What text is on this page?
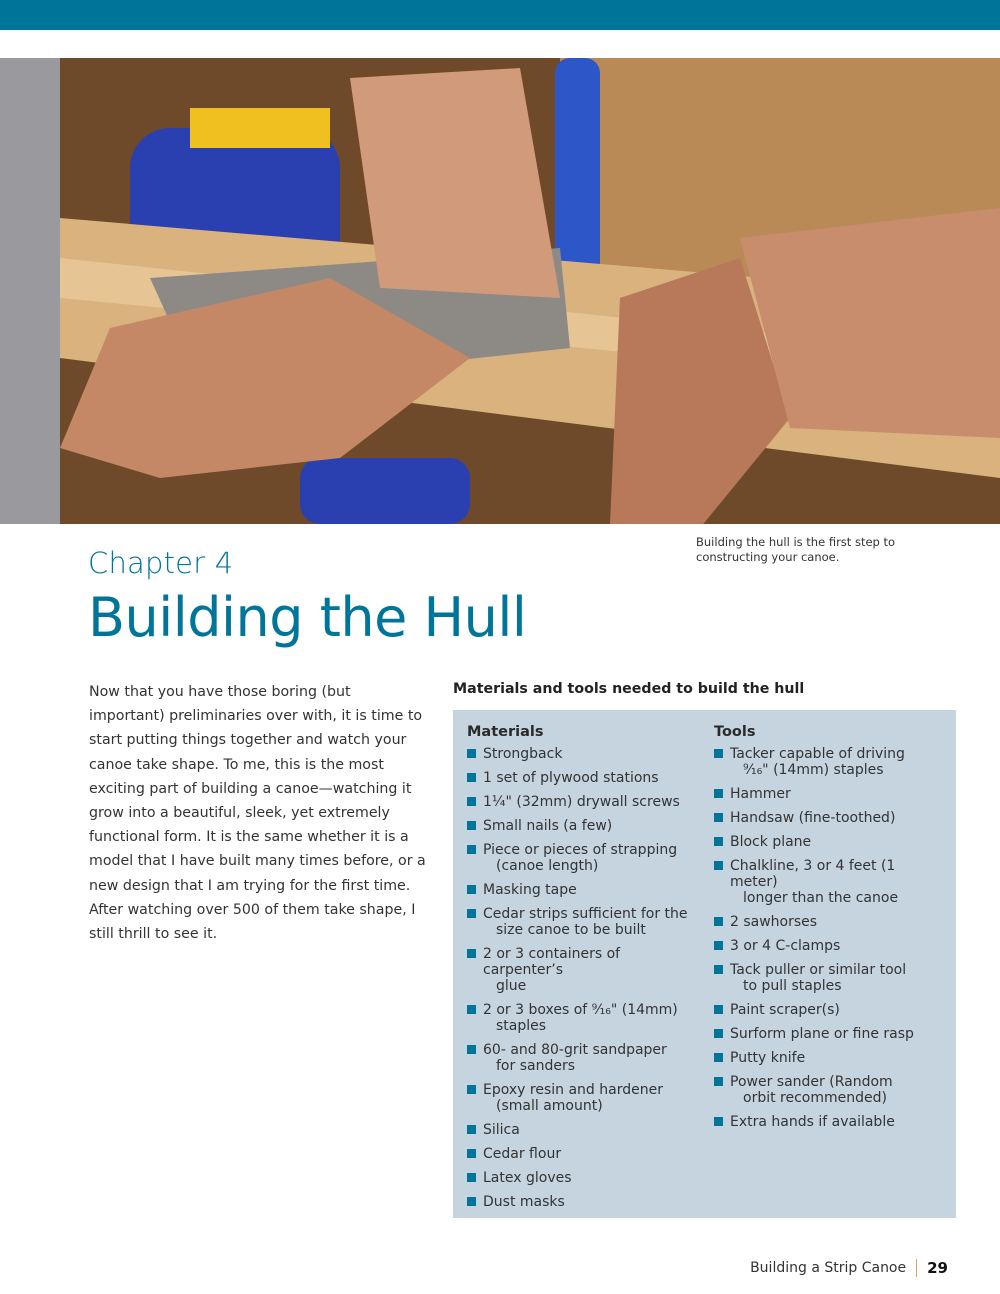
Building the hull is the first step to constructing your canoe.
Chapter 4
Building the Hull
Now that you have those boring (but important) preliminaries over with, it is time to start putting things together and watch your canoe take shape. To me, this is the most exciting part of building a canoe—watching it grow into a beautiful, sleek, yet extremely functional form. It is the same whether it is a model that I have built many times before, or a new design that I am trying for the first time. After watching over 500 of them take shape, I still thrill to see it.
Materials and tools needed to build the hull
Materials
Strongback
1 set of plywood stations
1¼" (32mm) drywall screws
Small nails (a few)
Piece or pieces of strapping
(canoe length)
Masking tape
Cedar strips sufficient for the
size canoe to be built
2 or 3 containers of carpenter’s
glue
2 or 3 boxes of ⁹⁄₁₆" (14mm)
staples
60- and 80-grit sandpaper
for sanders
Epoxy resin and hardener
(small amount)
Silica
Cedar flour
Latex gloves
Dust masks
Tools
Tacker capable of driving
⁹⁄₁₆" (14mm) staples
Hammer
Handsaw (fine-toothed)
Block plane
Chalkline, 3 or 4 feet (1 meter)
longer than the canoe
2 sawhorses
3 or 4 C-clamps
Tack puller or similar tool
to pull staples
Paint scraper(s)
Surform plane or fine rasp
Putty knife
Power sander (Random
orbit recommended)
Extra hands if available
Building a Strip Canoe 29
